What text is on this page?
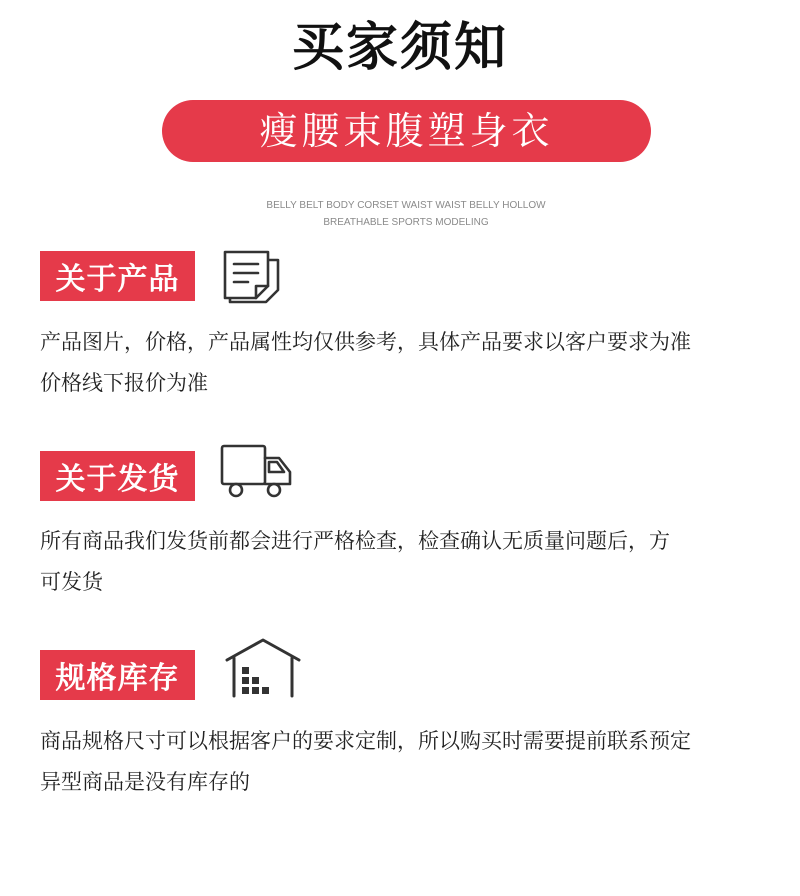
买家须知
瘦腰束腹塑身衣
BELLY BELT BODY CORSET WAIST WAIST BELLY HOLLOW
BREATHABLE SPORTS MODELING
关于产品
产品图片，价格，产品属性均仅供参考，具体产品要求以客户要求为准
价格线下报价为准
关于发货
所有商品我们发货前都会进行严格检查，检查确认无质量问题后，方
可发货
规格库存
商品规格尺寸可以根据客户的要求定制，所以购买时需要提前联系预定
异型商品是没有库存的
